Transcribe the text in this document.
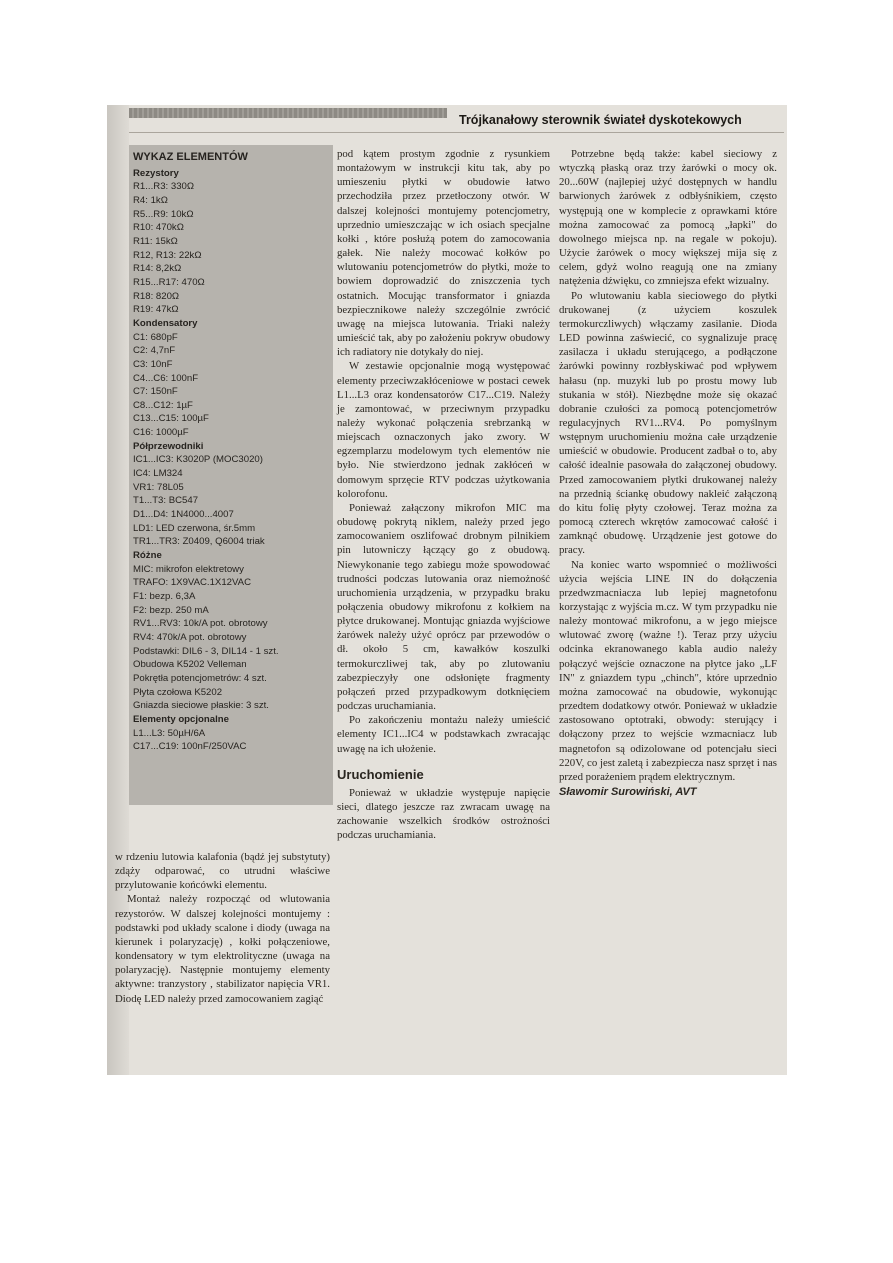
Trójkanałowy sterownik świateł dyskotekowych
WYKAZ ELEMENTÓW
Rezystory
R1...R3: 330Ω
R4: 1kΩ
R5...R9: 10kΩ
R10: 470kΩ
R11: 15kΩ
R12, R13: 22kΩ
R14: 8,2kΩ
R15...R17: 470Ω
R18: 820Ω
R19: 47kΩ
Kondensatory
C1: 680pF
C2: 4,7nF
C3: 10nF
C4...C6: 100nF
C7: 150nF
C8...C12: 1µF
C13...C15: 100µF
C16: 1000µF
Półprzewodniki
IC1...IC3: K3020P (MOC3020)
IC4: LM324
VR1: 78L05
T1...T3: BC547
D1...D4: 1N4000...4007
LD1: LED czerwona, śr.5mm
TR1...TR3: Z0409, Q6004 triak
Różne
MIC: mikrofon elektretowy
TRAFO: 1X9VAC.1X12VAC
F1: bezp. 6,3A
F2: bezp. 250 mA
RV1...RV3: 10k/A pot. obrotowy
RV4: 470k/A pot. obrotowy
Podstawki: DIL6 - 3, DIL14 - 1 szt.
Obudowa K5202 Velleman
Pokrętła potencjometrów: 4 szt.
Płyta czołowa K5202
Gniazda sieciowe płaskie: 3 szt.
Elementy opcjonalne
L1...L3: 50µH/6A
C17...C19: 100nF/250VAC

w rdzeniu lutowia kalafonia (bądź jej substytuty) zdąży odparować, co utrudni właściwe przylutowanie końcówki elementu.

Montaż należy rozpocząć od wlutowania rezystorów. W dalszej kolejności montujemy : podstawki pod układy scalone i diody (uwaga na kierunek i polaryzację) , kołki połączeniowe, kondensatory w tym elektrolityczne (uwaga na polaryzację). Następnie montujemy elementy aktywne: tranzystory , stabilizator napięcia VR1. Diodę LED należy przed zamocowaniem zagiąć

pod kątem prostym zgodnie z rysunkiem montażowym w instrukcji kitu tak, aby po umieszeniu płytki w obudowie łatwo przechodziła przez przetłoczony otwór. W dalszej kolejności montujemy potencjometry, uprzednio umieszczając w ich osiach specjalne kołki , które posłużą potem do zamocowania gałek. Nie należy mocować kołków po wlutowaniu potencjometrów do płytki, może to bowiem doprowadzić do zniszczenia tych ostatnich. Mocując transformator i gniazda bezpiecznikowe należy szczególnie zwrócić uwagę na miejsca lutowania. Triaki należy umieścić tak, aby po założeniu pokryw obudowy ich radiatory nie dotykały do niej.

W zestawie opcjonalnie mogą występować elementy przeciwzakłóceniowe w postaci cewek L1...L3 oraz kondensatorów C17...C19. Należy je zamontować, w przeciwnym przypadku należy wykonać połączenia srebrzanką w miejscach oznaczonych jako zwory. W egzemplarzu modelowym tych elementów nie było. Nie stwierdzono jednak zakłóceń w domowym sprzęcie RTV podczas użytkowania kolorofonu.

Ponieważ załączony mikrofon MIC ma obudowę pokrytą niklem, należy przed jego zamocowaniem oszlifować drobnym pilnikiem pin lutowniczy łączący go z obudową. Niewykonanie tego zabiegu może spowodować trudności podczas lutowania oraz niemożność uruchomienia urządzenia, w przypadku braku połączenia obudowy mikrofonu z kołkiem na płytce drukowanej. Montując gniazda wyjściowe żarówek należy użyć oprócz par przewodów o dł. około 5 cm, kawałków koszulki termokurczliwej tak, aby po zlutowaniu zabezpieczyły one odsłonięte fragmenty połączeń przed przypadkowym dotknięciem podczas uruchamiania.

Po zakończeniu montażu należy umieścić elementy IC1...IC4 w podstawkach zwracając uwagę na ich ułożenie.

Uruchomienie

Ponieważ w układzie występuje napięcie sieci, dlatego jeszcze raz zwracam uwagę na zachowanie wszelkich środków ostrożności podczas uruchamiania.

Potrzebne będą także: kabel sieciowy z wtyczką płaską oraz trzy żarówki o mocy ok. 20...60W (najlepiej użyć dostępnych w handlu barwionych żarówek z odbłyśnikiem, często występują one w komplecie z oprawkami które można zamocować za pomocą „łapki" do dowolnego miejsca np. na regale w pokoju). Użycie żarówek o mocy większej mija się z celem, gdyż wolno reagują one na zmiany natężenia dźwięku, co zmniejsza efekt wizualny.

Po wlutowaniu kabla sieciowego do płytki drukowanej (z użyciem koszulek termokurczliwych) włączamy zasilanie. Dioda LED powinna zaświecić, co sygnalizuje pracę zasilacza i układu sterującego, a podłączone żarówki powinny rozbłyskiwać pod wpływem hałasu (np. muzyki lub po prostu mowy lub stukania w stół). Niezbędne może się okazać dobranie czułości za pomocą potencjometrów regulacyjnych RV1...RV4. Po pomyślnym wstępnym uruchomieniu można całe urządzenie umieścić w obudowie. Producent zadbał o to, aby całość idealnie pasowała do załączonej obudowy. Przed zamocowaniem płytki drukowanej należy na przednią ściankę obudowy nakleić załączoną do kitu folię płyty czołowej. Teraz można za pomocą czterech wkrętów zamocować całość i zamknąć obudowę. Urządzenie jest gotowe do pracy.

Na koniec warto wspomnieć o możliwości użycia wejścia LINE IN do dołączenia przedwzmacniacza lub lepiej magnetofonu korzystając z wyjścia m.cz. W tym przypadku nie należy montować mikrofonu, a w jego miejsce wlutować zworę (ważne !). Teraz przy użyciu odcinka ekranowanego kabla audio należy połączyć wejście oznaczone na płytce jako „LF IN" z gniazdem typu „chinch", które uprzednio można zamocować na obudowie, wykonując przedtem dodatkowy otwór. Ponieważ w układzie zastosowano optotraki, obwody: sterujący i dołączony przez to wejście wzmacniacz lub magnetofon są odizolowane od potencjału sieci 220V, co jest zaletą i zabezpiecza nasz sprzęt i nas przed porażeniem prądem elektrycznym.

Sławomir Surowiński, AVT
